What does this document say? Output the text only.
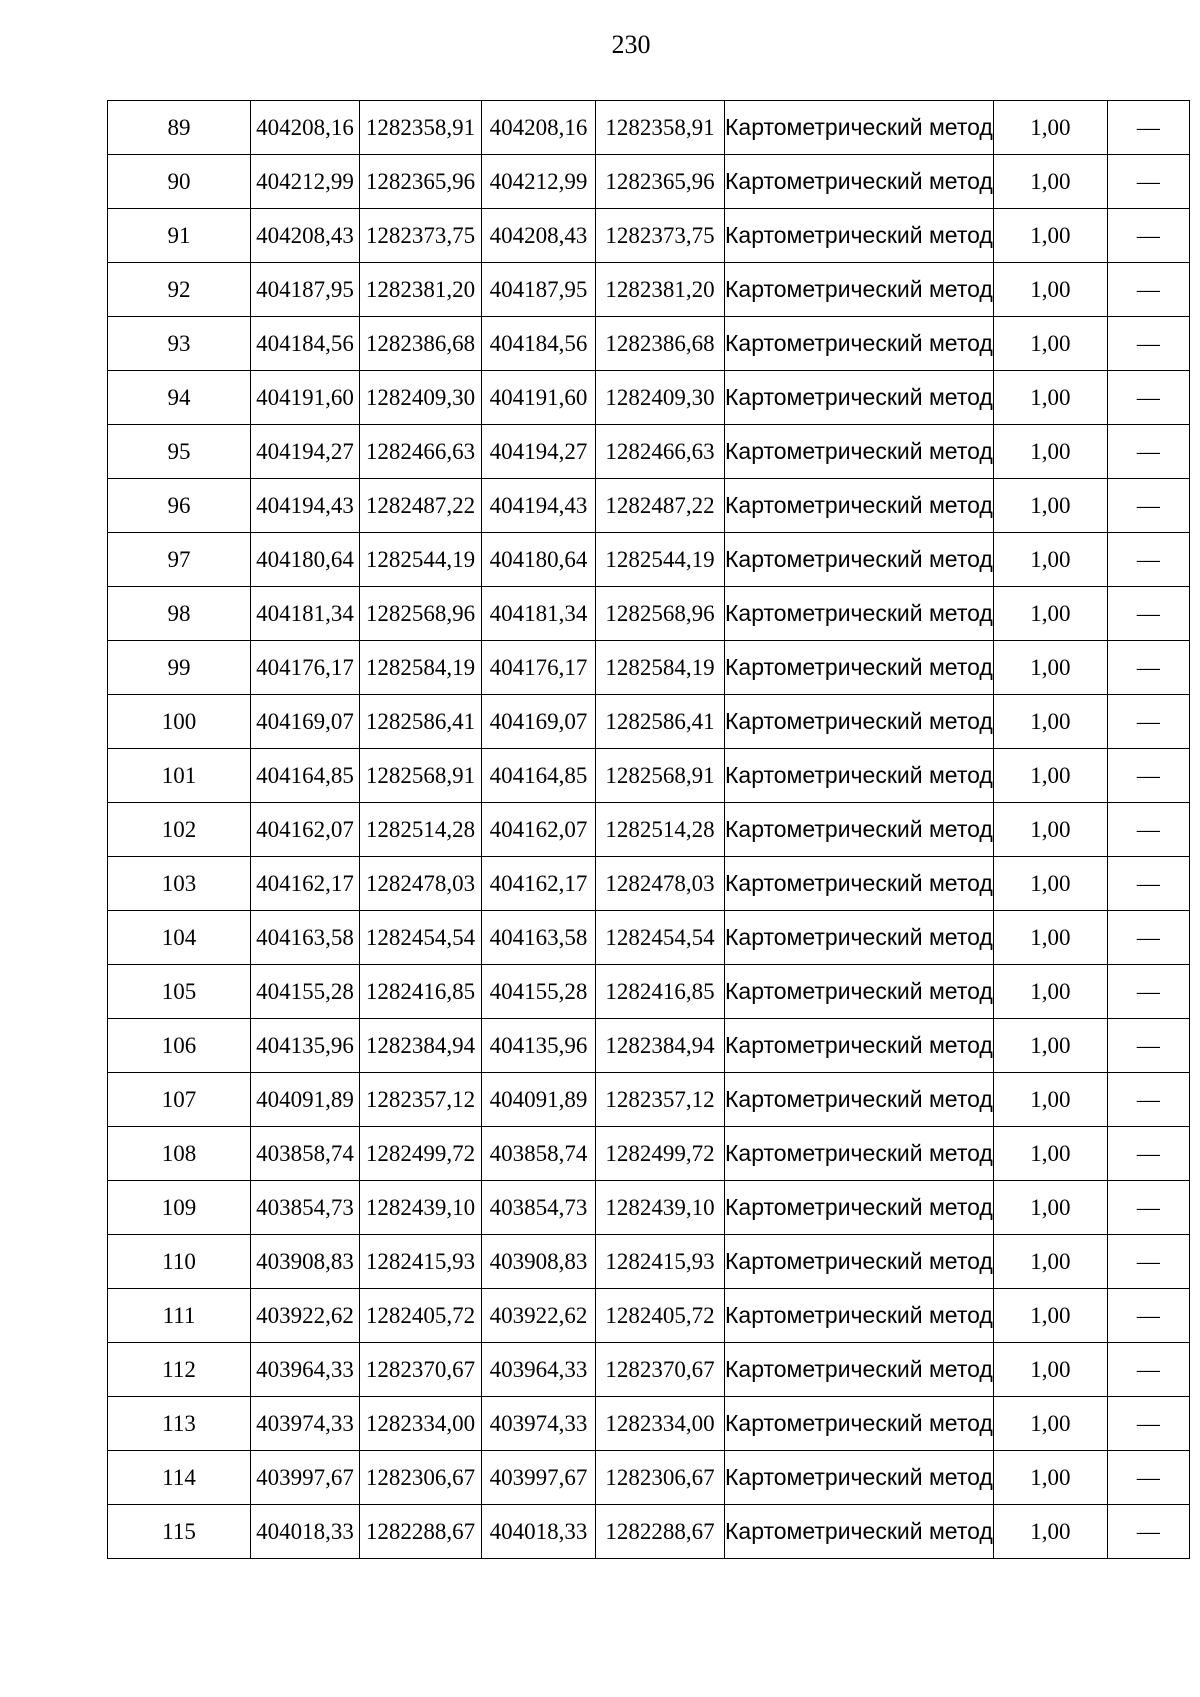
230
89	404208,16	1282358,91	404208,16	1282358,91	Картометрический метод	1,00	—
90	404212,99	1282365,96	404212,99	1282365,96	Картометрический метод	1,00	—
91	404208,43	1282373,75	404208,43	1282373,75	Картометрический метод	1,00	—
92	404187,95	1282381,20	404187,95	1282381,20	Картометрический метод	1,00	—
93	404184,56	1282386,68	404184,56	1282386,68	Картометрический метод	1,00	—
94	404191,60	1282409,30	404191,60	1282409,30	Картометрический метод	1,00	—
95	404194,27	1282466,63	404194,27	1282466,63	Картометрический метод	1,00	—
96	404194,43	1282487,22	404194,43	1282487,22	Картометрический метод	1,00	—
97	404180,64	1282544,19	404180,64	1282544,19	Картометрический метод	1,00	—
98	404181,34	1282568,96	404181,34	1282568,96	Картометрический метод	1,00	—
99	404176,17	1282584,19	404176,17	1282584,19	Картометрический метод	1,00	—
100	404169,07	1282586,41	404169,07	1282586,41	Картометрический метод	1,00	—
101	404164,85	1282568,91	404164,85	1282568,91	Картометрический метод	1,00	—
102	404162,07	1282514,28	404162,07	1282514,28	Картометрический метод	1,00	—
103	404162,17	1282478,03	404162,17	1282478,03	Картометрический метод	1,00	—
104	404163,58	1282454,54	404163,58	1282454,54	Картометрический метод	1,00	—
105	404155,28	1282416,85	404155,28	1282416,85	Картометрический метод	1,00	—
106	404135,96	1282384,94	404135,96	1282384,94	Картометрический метод	1,00	—
107	404091,89	1282357,12	404091,89	1282357,12	Картометрический метод	1,00	—
108	403858,74	1282499,72	403858,74	1282499,72	Картометрический метод	1,00	—
109	403854,73	1282439,10	403854,73	1282439,10	Картометрический метод	1,00	—
110	403908,83	1282415,93	403908,83	1282415,93	Картометрический метод	1,00	—
111	403922,62	1282405,72	403922,62	1282405,72	Картометрический метод	1,00	—
112	403964,33	1282370,67	403964,33	1282370,67	Картометрический метод	1,00	—
113	403974,33	1282334,00	403974,33	1282334,00	Картометрический метод	1,00	—
114	403997,67	1282306,67	403997,67	1282306,67	Картометрический метод	1,00	—
115	404018,33	1282288,67	404018,33	1282288,67	Картометрический метод	1,00	—
